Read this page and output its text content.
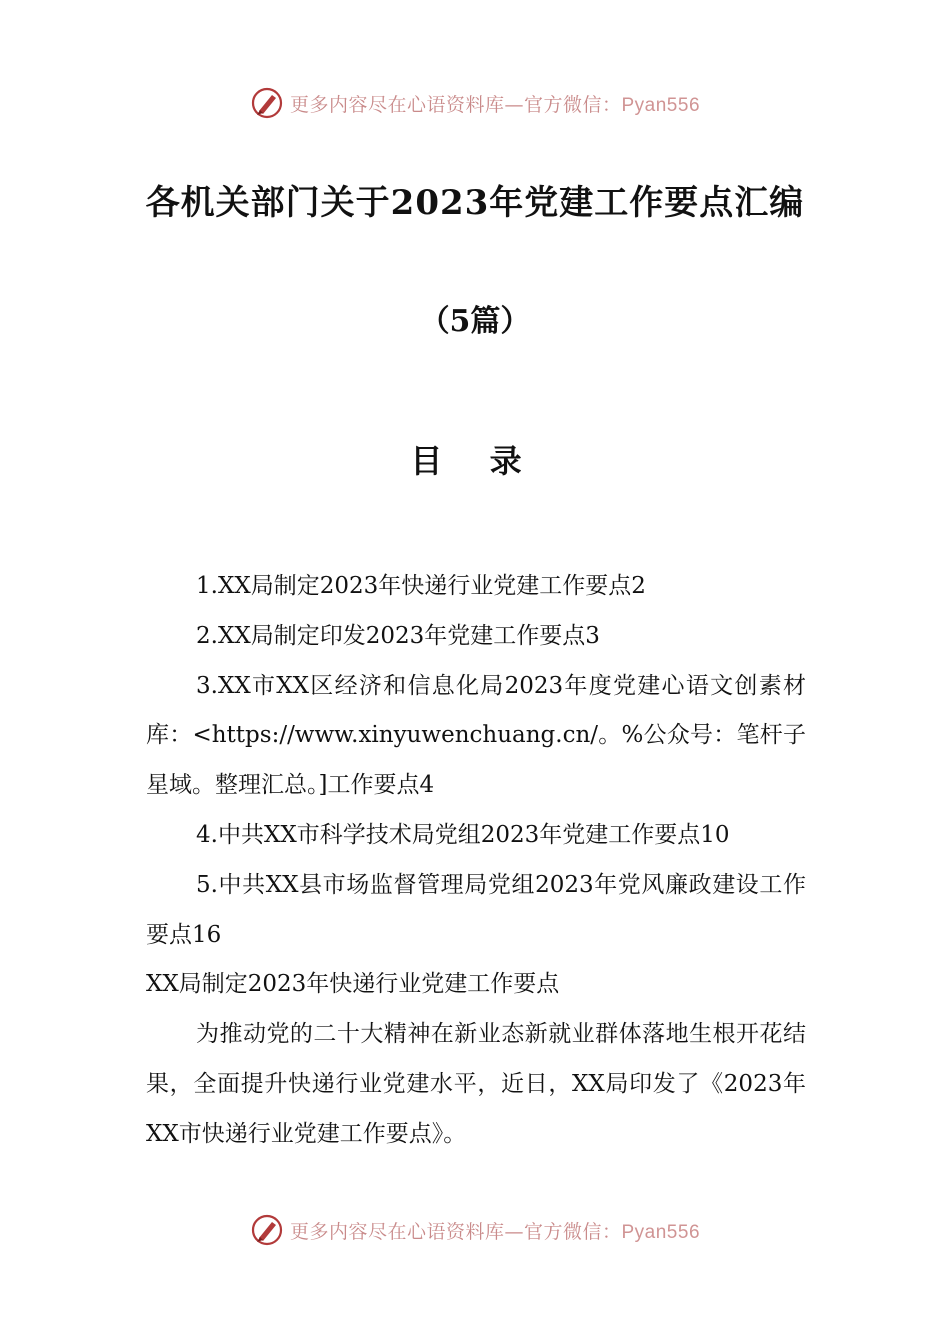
更多内容尽在心语资料库—官方微信：Pyan556
各机关部门关于2023年党建工作要点汇编
（5篇）
目 录

1.XX局制定2023年快递行业党建工作要点2

2.XX局制定印发2023年党建工作要点3

3.XX市XX区经济和信息化局2023年度党建心语文创素材库：<https://www.xinyuwenchuang.cn/。%公众号：笔杆子星域。整理汇总。]工作要点4

4.中共XX市科学技术局党组2023年党建工作要点10

5.中共XX县市场监督管理局党组2023年党风廉政建设工作要点16

XX局制定2023年快递行业党建工作要点

为推动党的二十大精神在新业态新就业群体落地生根开花结果，全面提升快递行业党建水平，近日，XX局印发了《2023年XX市快递行业党建工作要点》。

更多内容尽在心语资料库—官方微信：Pyan556
